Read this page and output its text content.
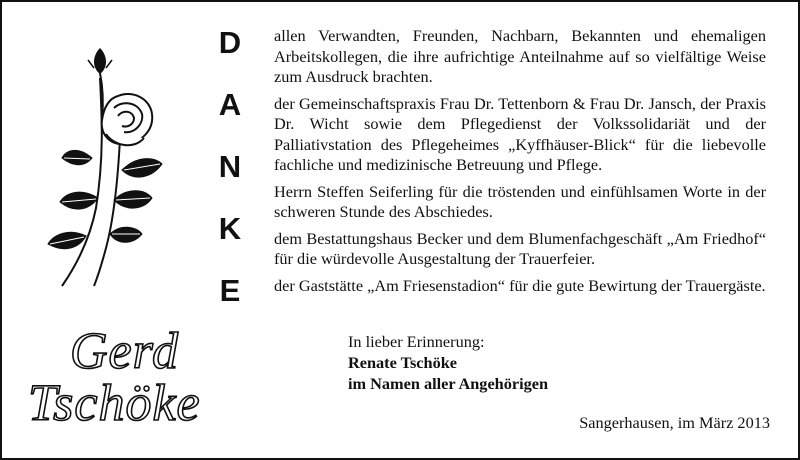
Gerd
Tschöke
D
A
N
K
E

allen Verwandten, Freunden, Nachbarn, Bekannten und ehemaligen Arbeitskollegen, die ihre aufrichtige Anteilnahme auf so vielfältige Weise zum Ausdruck brachten.

der Gemeinschaftspraxis Frau Dr. Tettenborn & Frau Dr. Jansch, der Praxis Dr. Wicht sowie dem Pflegedienst der Volkssolidariät und der Palliativstation des Pflegeheimes „Kyffhäuser-Blick“ für die liebevolle fachliche und medizinische Betreuung und Pflege.

Herrn Steffen Seiferling für die tröstenden und einfühlsamen Worte in der schweren Stunde des Abschiedes.

dem Bestattungshaus Becker und dem Blumenfachgeschäft „Am Friedhof“ für die würdevolle Ausgestaltung der Trauerfeier.

der Gaststätte „Am Friesenstadion“ für die gute Bewirtung der Trauergäste.

In lieber Erinnerung:
Renate Tschöke
im Namen aller Angehörigen
Sangerhausen, im März 2013
